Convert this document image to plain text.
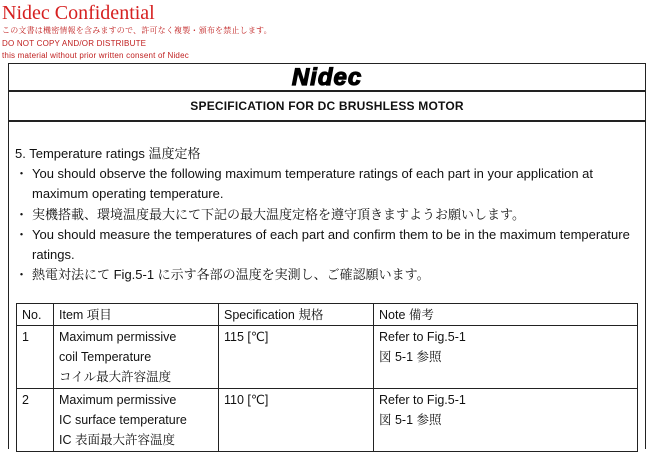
Nidec Confidential
この文書は機密情報を含みますので、許可なく複製・頒布を禁止します。
DO NOT COPY AND/OR DISTRIBUTE
this material without prior written consent of Nidec
Nidec
SPECIFICATION FOR DC BRUSHLESS MOTOR

5. Temperature ratings 温度定格

・ You should observe the following maximum temperature ratings of each part in your application at maximum operating temperature.
・ 実機搭載、環境温度最大にて下記の最大温度定格を遵守頂きますようお願いします。
・ You should measure the temperatures of each part and confirm them to be in the maximum temperature ratings.
・ 熱電対法にて Fig.5-1 に示す各部の温度を実測し、ご確認願います。
No.	Item 項目	Specification 規格	Note 備考
1	Maximum permissive
coil Temperature
コイル最大許容温度	115 [℃]	Refer to Fig.5-1
図 5-1 参照

2	Maximum permissive
IC surface temperature
IC 表面最大許容温度	110 [℃]	Refer to Fig.5-1
図 5-1 参照
